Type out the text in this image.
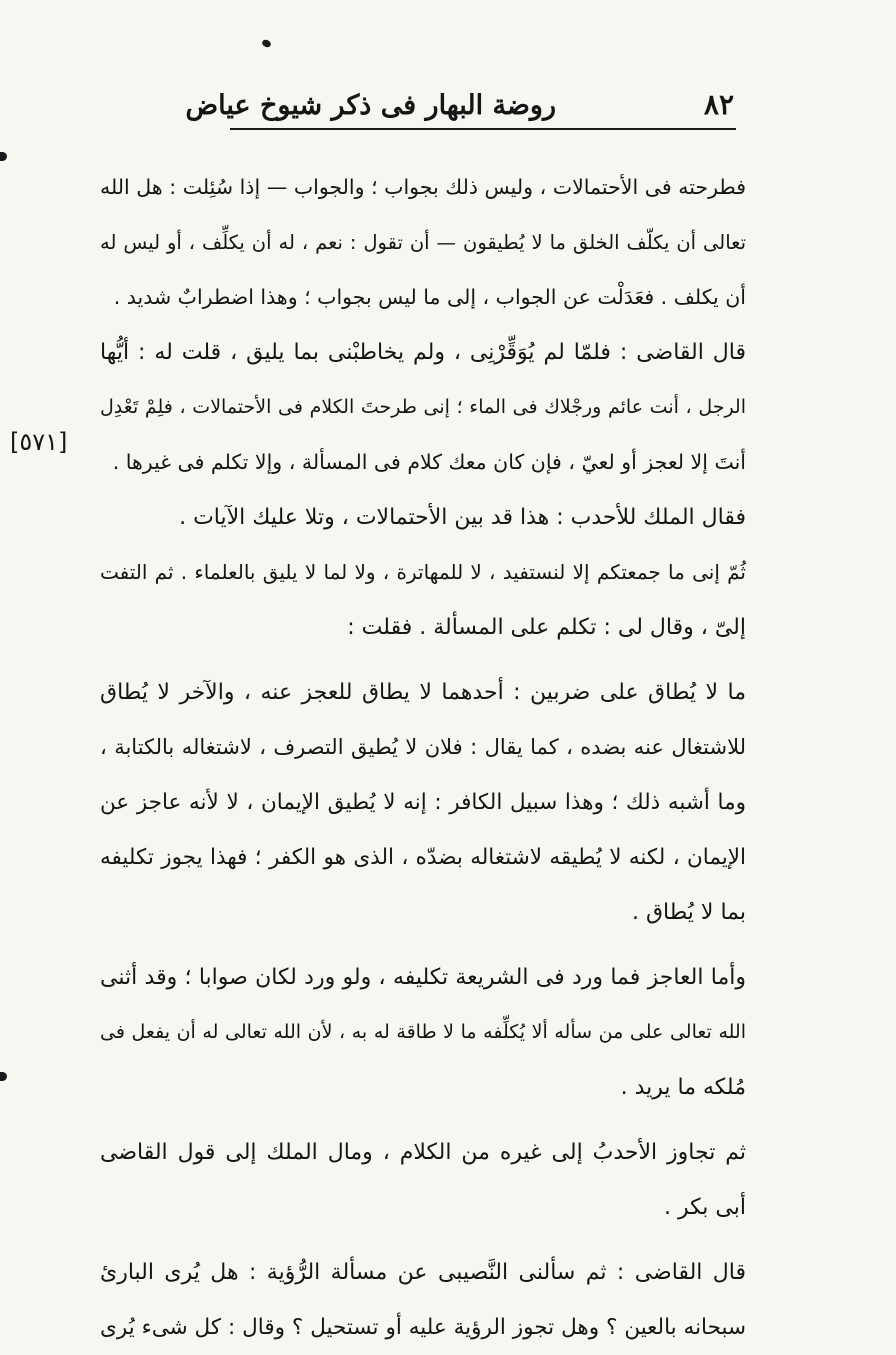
٨٢
روضة البهار فى ذكر شيوخ عياض
[٥٧١]
فطرحته فى الأحتمالات ، وليس ذلك بجواب ؛ والجواب — إذا سُئِلت : هل الله
تعالى أن يكلّف الخلق ما لا يُطيقون — أن تقول : نعم ، له أن يكلِّف ، أو ليس له
أن يكلف . فعَدَلْت عن الجواب ، إلى ما ليس بجواب ؛ وهذا اضطرابٌ شديد .
قال القاضى : فلمّا لم يُوَقِّرْنِى ، ولم يخاطبْنى بما يليق ، قلت له : أيُّها
الرجل ، أنت عائم ورجْلاك فى الماء ؛ إنى طرحتَ الكلام فى الأحتمالات ، فلِمْ تَعْدِل
أنتَ إلا لعجز أو لعيّ ، فإن كان معك كلام فى المسألة ، وإلا تكلم فى غيرها .
فقال الملك للأحدب : هذا قد بين الأحتمالات ، وتلا عليك الآيات .
ثُمّ إنى ما جمعتكم إلا لنستفيد ، لا للمهاترة ، ولا لما لا يليق بالعلماء . ثم التفت
إلىّ ، وقال لى : تكلم على المسألة . فقلت :
ما لا يُطاق على ضربين : أحدهما لا يطاق للعجز عنه ، والآخر لا يُطاق
للاشتغال عنه بضده ، كما يقال : فلان لا يُطيق التصرف ، لاشتغاله بالكتابة ،
وما أشبه ذلك ؛ وهذا سبيل الكافر : إنه لا يُطيق الإيمان ، لا لأنه عاجز عن
الإيمان ، لكنه لا يُطيقه لاشتغاله بضدّه ، الذى هو الكفر ؛ فهذا يجوز تكليفه
بما لا يُطاق .
وأما العاجز فما ورد فى الشريعة تكليفه ، ولو ورد لكان صوابا ؛ وقد أثنى
الله تعالى على من سأله ألا يُكلِّفه ما لا طاقة له به ، لأن الله تعالى له أن يفعل فى
مُلكه ما يريد .
ثم تجاوز الأحدبُ إلى غيره من الكلام ، ومال الملك إلى قول القاضى
أبى بكر .
قال القاضى : ثم سألنى النَّصيبى عن مسألة الرُّؤية : هل يُرى البارئ
سبحانه بالعين ؟ وهل تجوز الرؤية عليه أو تستحيل ؟ وقال : كل شىء يُرى
